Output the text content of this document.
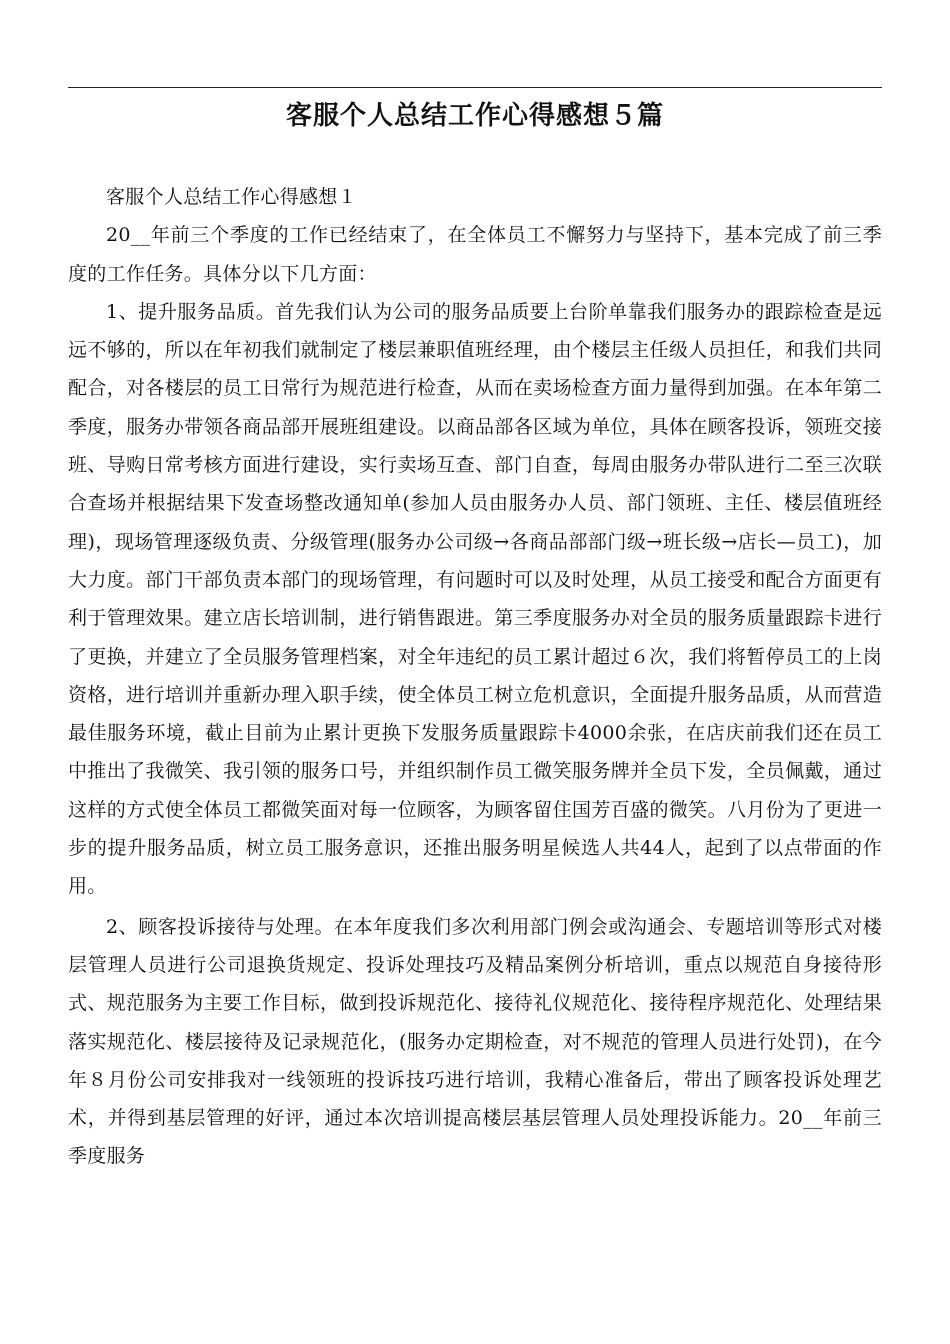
客服个人总结工作心得感想５篇

客服个人总结工作心得感想１

20__年前三个季度的工作已经结束了，在全体员工不懈努力与坚持下，基本完成了前三季度的工作任务。具体分以下几方面：

1、提升服务品质。首先我们认为公司的服务品质要上台阶单靠我们服务办的跟踪检查是远远不够的，所以在年初我们就制定了楼层兼职值班经理，由个楼层主任级人员担任，和我们共同配合，对各楼层的员工日常行为规范进行检查，从而在卖场检查方面力量得到加强。在本年第二季度，服务办带领各商品部开展班组建设。以商品部各区域为单位，具体在顾客投诉，领班交接班、导购日常考核方面进行建设，实行卖场互查、部门自查，每周由服务办带队进行二至三次联合查场并根据结果下发查场整改通知单(参加人员由服务办人员、部门领班、主任、楼层值班经理)，现场管理逐级负责、分级管理(服务办公司级→各商品部部门级→班长级→店长—员工)，加大力度。部门干部负责本部门的现场管理，有问题时可以及时处理，从员工接受和配合方面更有利于管理效果。建立店长培训制，进行销售跟进。第三季度服务办对全员的服务质量跟踪卡进行了更换，并建立了全员服务管理档案，对全年违纪的员工累计超过６次，我们将暂停员工的上岗资格，进行培训并重新办理入职手续，使全体员工树立危机意识，全面提升服务品质，从而营造最佳服务环境，截止目前为止累计更换下发服务质量跟踪卡4000余张，在店庆前我们还在员工中推出了我微笑、我引领的服务口号，并组织制作员工微笑服务牌并全员下发，全员佩戴，通过这样的方式使全体员工都微笑面对每一位顾客，为顾客留住国芳百盛的微笑。八月份为了更进一步的提升服务品质，树立员工服务意识，还推出服务明星候选人共44人，起到了以点带面的作用。

2、顾客投诉接待与处理。在本年度我们多次利用部门例会或沟通会、专题培训等形式对楼层管理人员进行公司退换货规定、投诉处理技巧及精品案例分析培训，重点以规范自身接待形式、规范服务为主要工作目标，做到投诉规范化、接待礼仪规范化、接待程序规范化、处理结果落实规范化、楼层接待及记录规范化，(服务办定期检查，对不规范的管理人员进行处罚)，在今年８月份公司安排我对一线领班的投诉技巧进行培训，我精心准备后，带出了顾客投诉处理艺术，并得到基层管理的好评，通过本次培训提高楼层基层管理人员处理投诉能力。20__年前三季度服务
